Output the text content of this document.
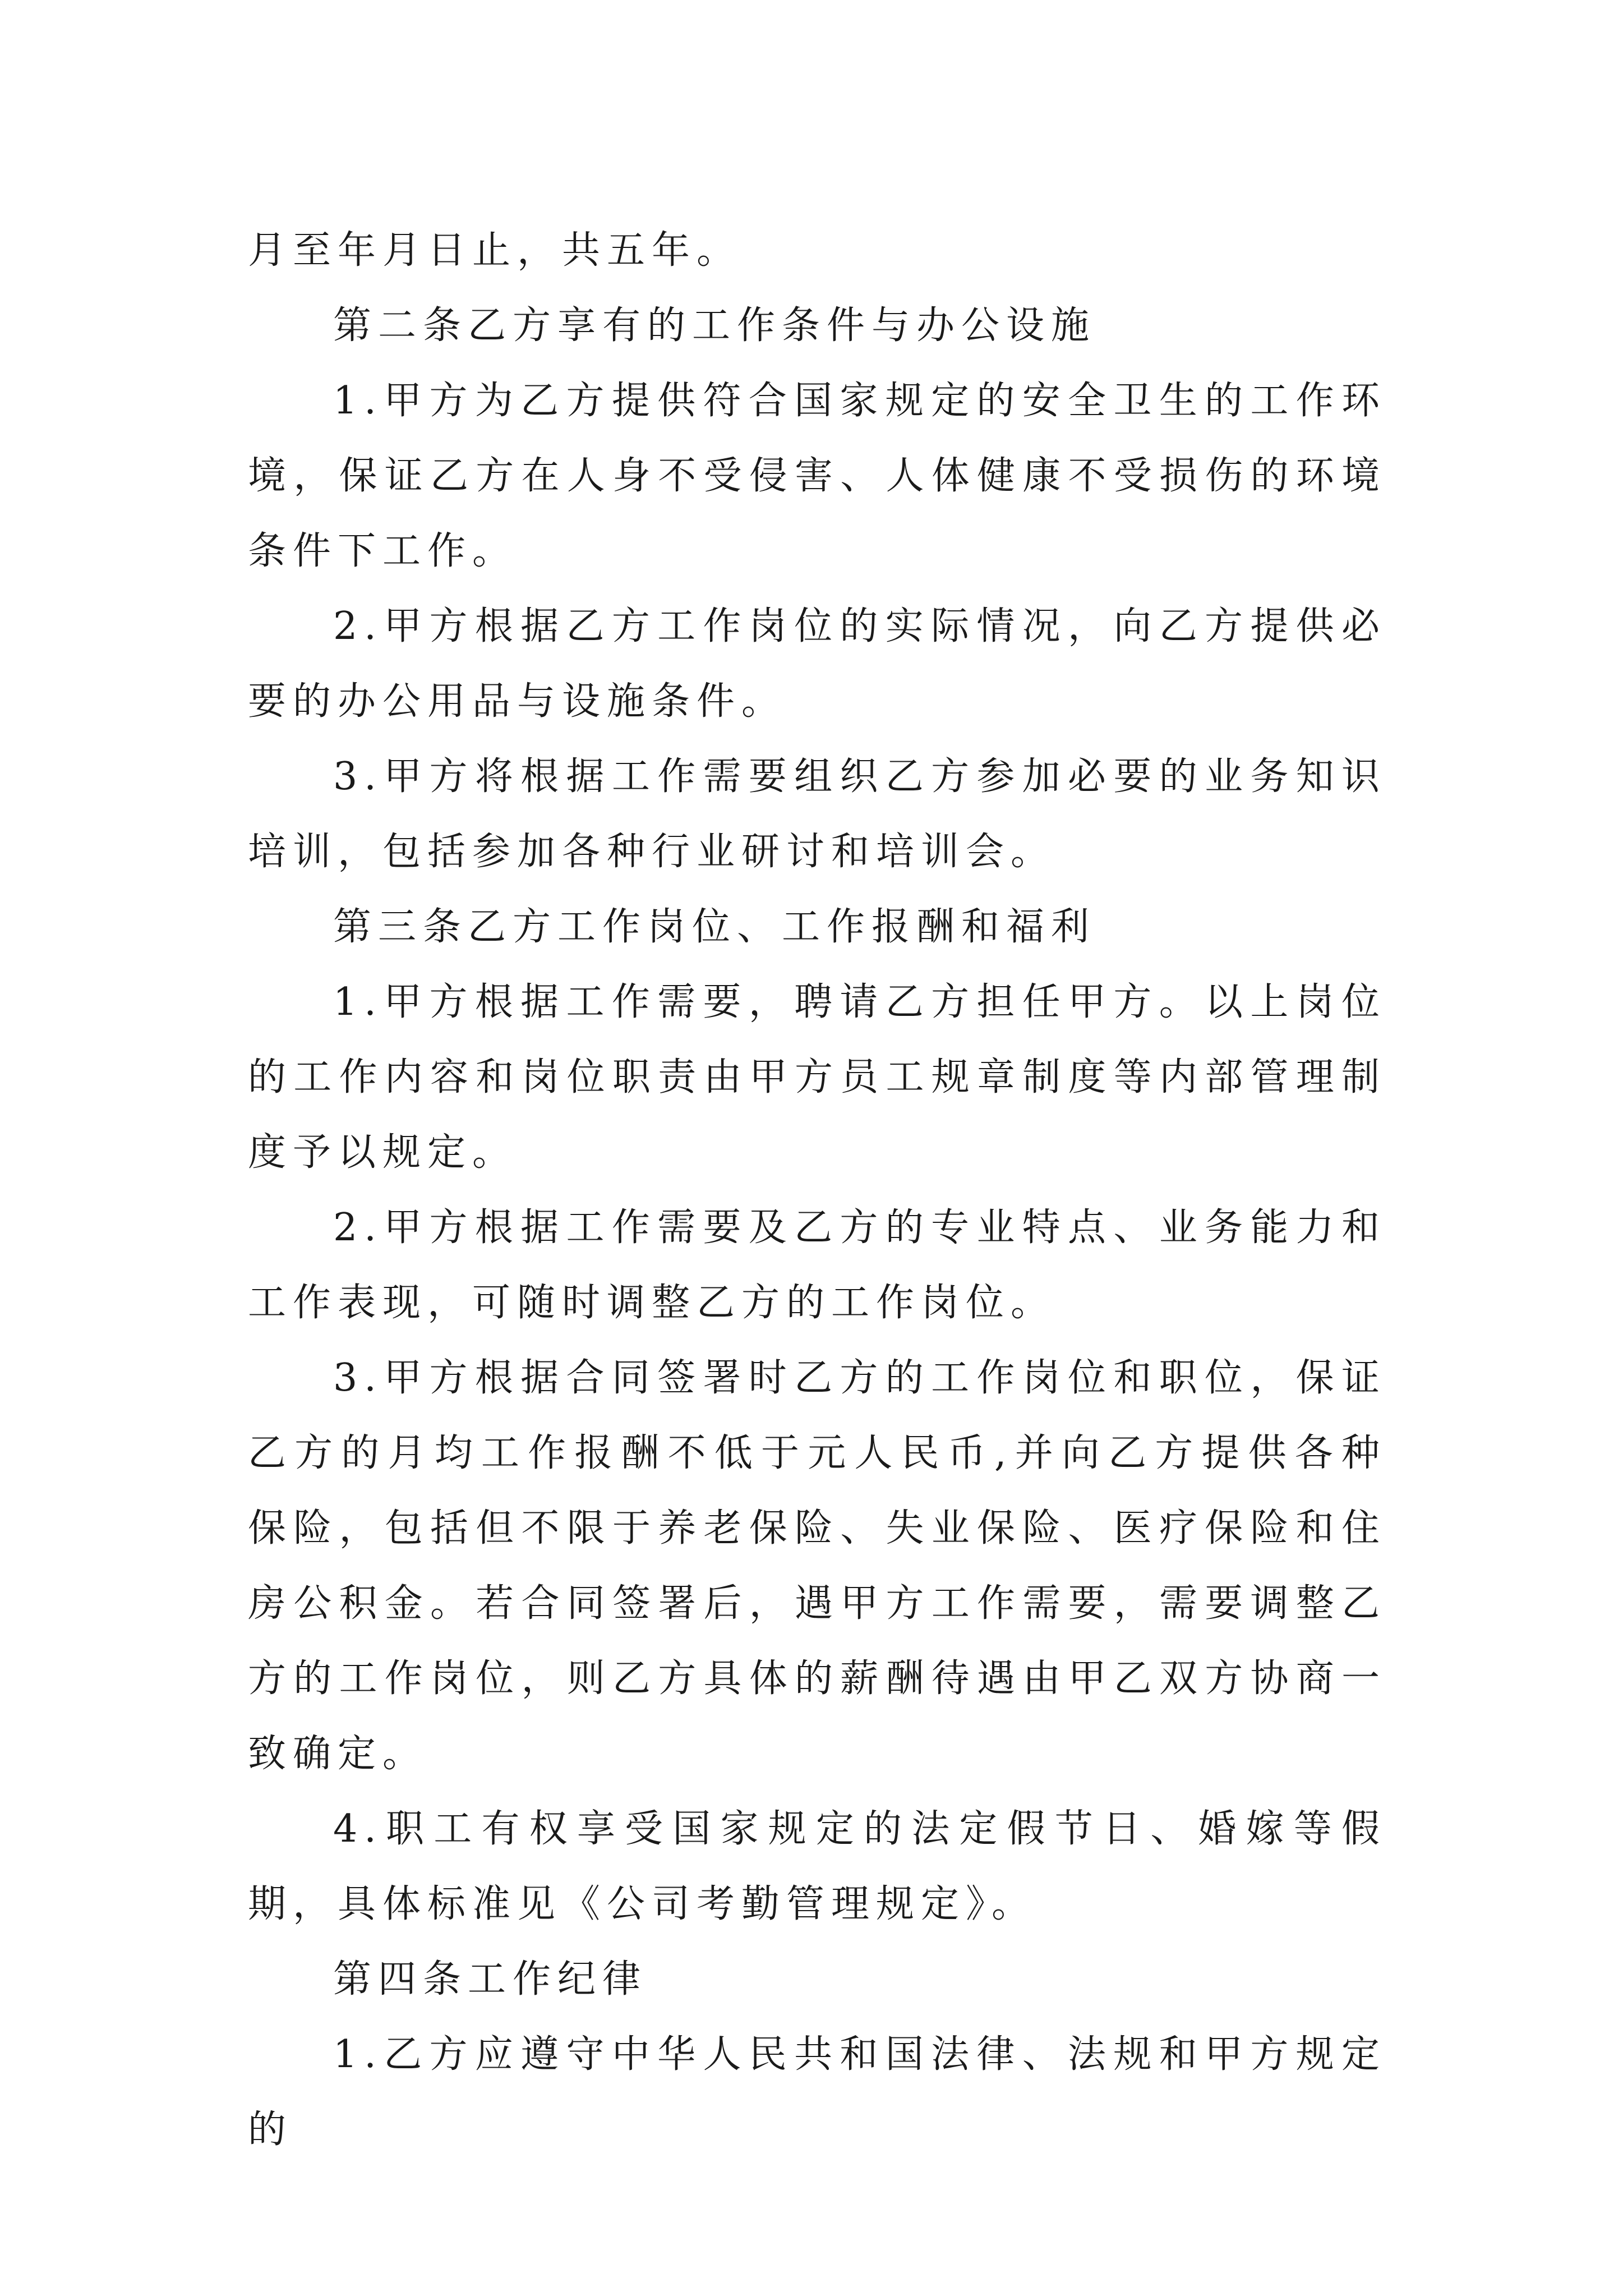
月至年月日止，共五年。

第二条乙方享有的工作条件与办公设施

1.甲方为乙方提供符合国家规定的安全卫生的工作环境，保证乙方在人身不受侵害、人体健康不受损伤的环境条件下工作。

2.甲方根据乙方工作岗位的实际情况，向乙方提供必要的办公用品与设施条件。

3.甲方将根据工作需要组织乙方参加必要的业务知识培训，包括参加各种行业研讨和培训会。

第三条乙方工作岗位、工作报酬和福利

1.甲方根据工作需要，聘请乙方担任甲方。以上岗位的工作内容和岗位职责由甲方员工规章制度等内部管理制度予以规定。

2.甲方根据工作需要及乙方的专业特点、业务能力和工作表现，可随时调整乙方的工作岗位。

3.甲方根据合同签署时乙方的工作岗位和职位，保证乙方的月均工作报酬不低于元人民币,并向乙方提供各种保险，包括但不限于养老保险、失业保险、医疗保险和住房公积金。若合同签署后，遇甲方工作需要，需要调整乙方的工作岗位，则乙方具体的薪酬待遇由甲乙双方协商一致确定。

4.职工有权享受国家规定的法定假节日、婚嫁等假期，具体标准见《公司考勤管理规定》。

第四条工作纪律

1.乙方应遵守中华人民共和国法律、法规和甲方规定的
